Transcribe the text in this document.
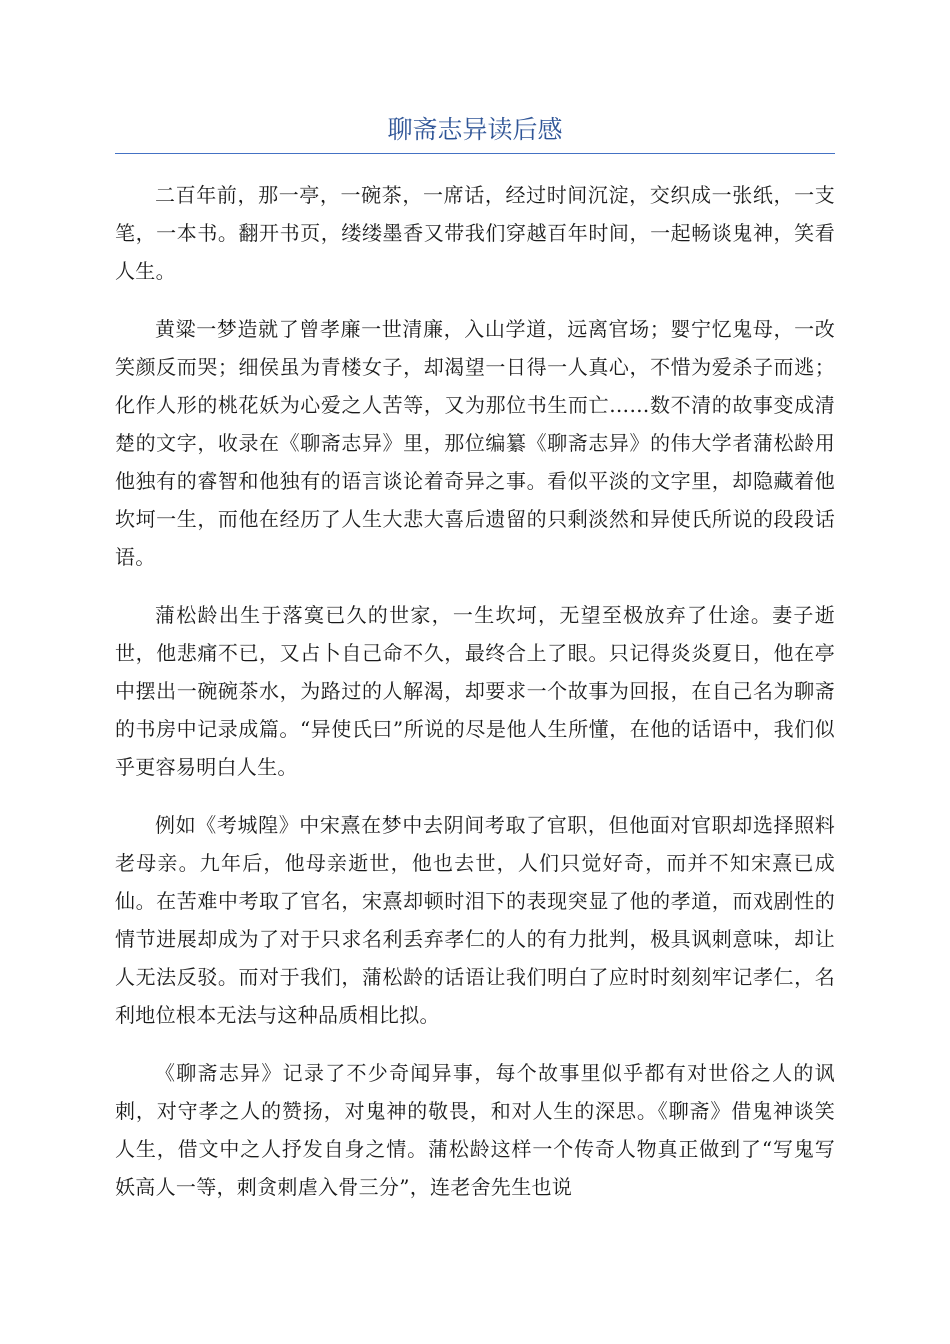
聊斋志异读后感

二百年前，那一亭，一碗茶，一席话，经过时间沉淀，交织成一张纸，一支笔，一本书。翻开书页，缕缕墨香又带我们穿越百年时间，一起畅谈鬼神，笑看人生。

黄粱一梦造就了曾孝廉一世清廉，入山学道，远离官场；婴宁忆鬼母，一改笑颜反而哭；细侯虽为青楼女子，却渴望一日得一人真心，不惜为爱杀子而逃；化作人形的桃花妖为心爱之人苦等，又为那位书生而亡……数不清的故事变成清楚的文字，收录在《聊斋志异》里，那位编纂《聊斋志异》的伟大学者蒲松龄用他独有的睿智和他独有的语言谈论着奇异之事。看似平淡的文字里，却隐藏着他坎坷一生，而他在经历了人生大悲大喜后遗留的只剩淡然和异使氏所说的段段话语。

蒲松龄出生于落寞已久的世家，一生坎坷，无望至极放弃了仕途。妻子逝世，他悲痛不已，又占卜自己命不久，最终合上了眼。只记得炎炎夏日，他在亭中摆出一碗碗茶水，为路过的人解渴，却要求一个故事为回报，在自己名为聊斋的书房中记录成篇。“异使氏曰”所说的尽是他人生所懂，在他的话语中，我们似乎更容易明白人生。

例如《考城隍》中宋熹在梦中去阴间考取了官职，但他面对官职却选择照料老母亲。九年后，他母亲逝世，他也去世，人们只觉好奇，而并不知宋熹已成仙。在苦难中考取了官名，宋熹却顿时泪下的表现突显了他的孝道，而戏剧性的情节进展却成为了对于只求名利丢弃孝仁的人的有力批判，极具讽刺意味，却让人无法反驳。而对于我们，蒲松龄的话语让我们明白了应时时刻刻牢记孝仁，名利地位根本无法与这种品质相比拟。

《聊斋志异》记录了不少奇闻异事，每个故事里似乎都有对世俗之人的讽刺，对守孝之人的赞扬，对鬼神的敬畏，和对人生的深思。《聊斋》借鬼神谈笑人生，借文中之人抒发自身之情。蒲松龄这样一个传奇人物真正做到了“写鬼写妖高人一等，刺贪刺虐入骨三分”，连老舍先生也说
